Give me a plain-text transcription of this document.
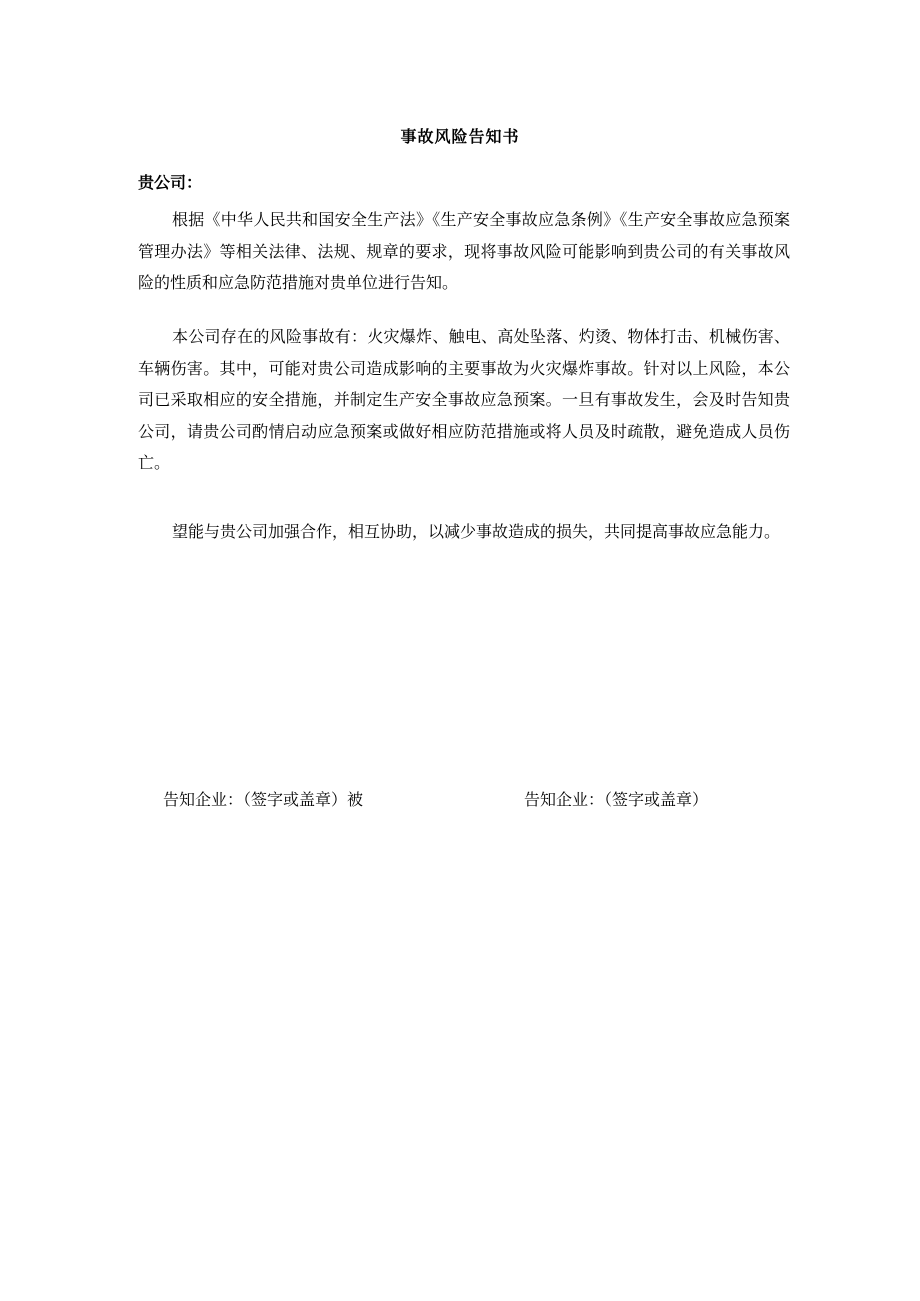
事故风险告知书
贵公司：

根据《中华人民共和国安全生产法》《生产安全事故应急条例》《生产安全事故应急预案管理办法》等相关法律、法规、规章的要求，现将事故风险可能影响到贵公司的有关事故风险的性质和应急防范措施对贵单位进行告知。

本公司存在的风险事故有：火灾爆炸、触电、高处坠落、灼烫、物体打击、机械伤害、车辆伤害。其中，可能对贵公司造成影响的主要事故为火灾爆炸事故。针对以上风险，本公司已采取相应的安全措施，并制定生产安全事故应急预案。一旦有事故发生，会及时告知贵公司，请贵公司酌情启动应急预案或做好相应防范措施或将人员及时疏散，避免造成人员伤亡。

望能与贵公司加强合作，相互协助，以减少事故造成的损失，共同提高事故应急能力。

告知企业：（签字或盖章）被	告知企业：（签字或盖章）
